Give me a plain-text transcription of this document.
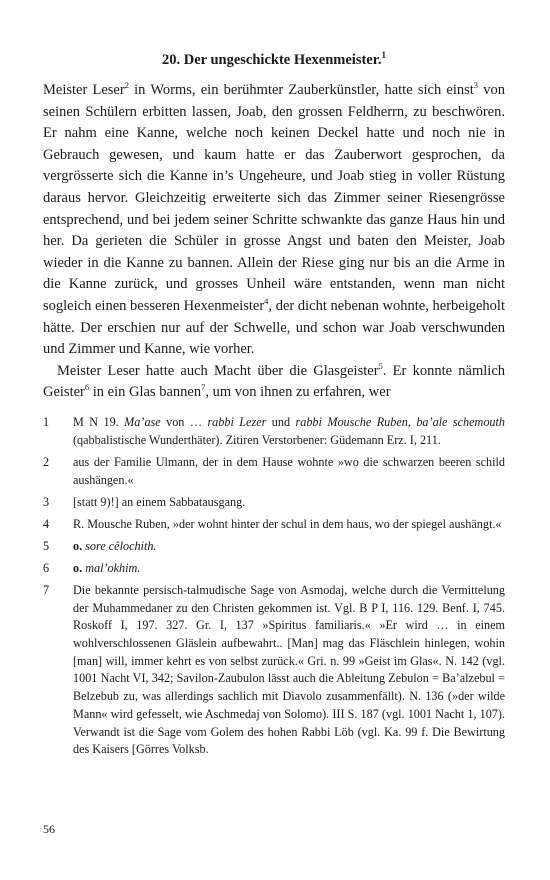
20. Der ungeschickte Hexenmeister.$^1$

Meister Leser$^2$ in Worms, ein berühmter Zauberkünstler, hatte sich einst$^3$ von seinen Schülern erbitten lassen, Joab, den grossen Feldherrn, zu beschwören. Er nahm eine Kanne, welche noch keinen Deckel hatte und noch nie in Gebrauch gewesen, und kaum hatte er das Zauberwort gesprochen, da vergrösserte sich die Kanne in’s Ungeheure, und Joab stieg in voller Rüstung daraus hervor. Gleichzeitig erweiterte sich das Zimmer seiner Riesengrösse entsprechend, und bei jedem seiner Schritte schwankte das ganze Haus hin und her. Da gerieten die Schüler in grosse Angst und baten den Meister, Joab wieder in die Kanne zu bannen. Allein der Riese ging nur bis an die Arme in die Kanne zurück, und grosses Unheil wäre entstanden, wenn man nicht sogleich einen besseren Hexenmeister$^4$, der dicht nebenan wohnte, herbeigeholt hätte. Der erschien nur auf der Schwelle, und schon war Joab verschwunden und Zimmer und Kanne, wie vorher.

Meister Leser hatte auch Macht über die Glasgeister$^5$. Er konnte nämlich Geister$^6$ in ein Glas bannen$^7$, um von ihnen zu erfahren, wer

1	M N 19. Ma’ase von … rabbi Lezer und rabbi Mousche Ruben, ba’ale schemouth (qabbalistische Wunderthäter). Zitiren Verstorbener: Güdemann Erz. I, 211.
2	aus der Familie Ulmann, der in dem Hause wohnte »wo die schwarzen beeren schild aushängen.«
3	[statt 9)!] an einem Sabbatausgang.
4	R. Mousche Ruben, »der wohnt hinter der schul in dem haus, wo der spiegel aushängt.«
5	o. sore cêlochith.
6	o. mal’okhim.
7	Die bekannte persisch-talmudische Sage von Asmodaj, welche durch die Vermittelung der Muhammedaner zu den Christen gekommen ist. Vgl. B P I, 116. 129. Benf. I, 745. Roskoff I, 197. 327. Gr. I, 137 »Spiritus familiaris.« »Er wird … in einem wohlverschlossenen Gläslein aufbewahrt.. [Man] mag das Fläschlein hinlegen, wohin [man] will, immer kehrt es von selbst zurück.« Gri. n. 99 »Geist im Glas«. N. 142 (vgl. 1001 Nacht VI, 342; Savilon-Zaubulon lässt auch die Ableitung Zebulon = Ba’alzebul = Belzebub zu, was allerdings sachlich mit Diavolo zusammenfällt). N. 136 (»der wilde Mann« wird gefesselt, wie Aschmedaj von Solomo). III S. 187 (vgl. 1001 Nacht 1, 107). Verwandt ist die Sage vom Golem des hohen Rabbi Löb (vgl. Ka. 99 f. Die Bewirtung des Kaisers [Görres Volksb.
56
